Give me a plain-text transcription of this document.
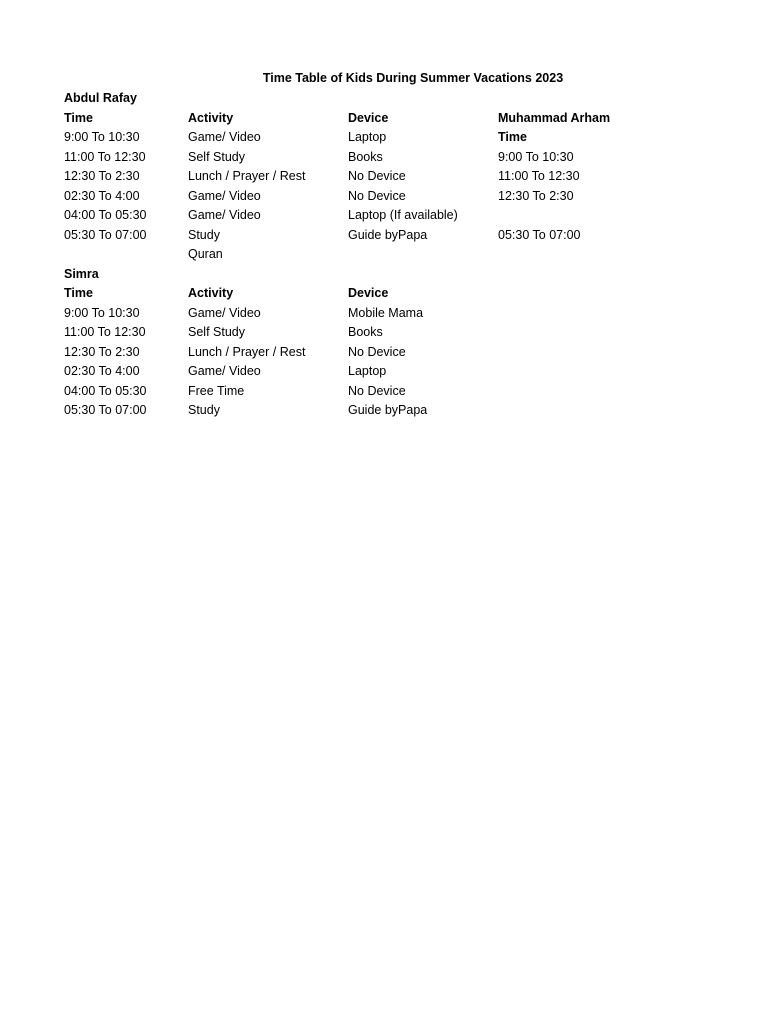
Time Table of Kids During Summer Vacations 2023
Abdul Rafay
Time	Activity	Device	Muhammad Arham
9:00 To 10:30	Game/ Video	Laptop	Time
11:00 To 12:30	Self Study	Books	9:00 To 10:30
12:30 To 2:30	Lunch / Prayer / Rest	No Device	11:00 To 12:30
02:30 To 4:00	Game/ Video	No Device	12:30 To 2:30
04:00 To 05:30	Game/ Video	Laptop (If available)
05:30 To 07:00	Study	Guide byPapa	05:30 To 07:00
Quran
Simra
Time	Activity	Device
9:00 To 10:30	Game/ Video	Mobile Mama
11:00 To 12:30	Self Study	Books
12:30 To 2:30	Lunch / Prayer / Rest	No Device
02:30 To 4:00	Game/ Video	Laptop
04:00 To 05:30	Free Time	No Device
05:30 To 07:00	Study	Guide byPapa
